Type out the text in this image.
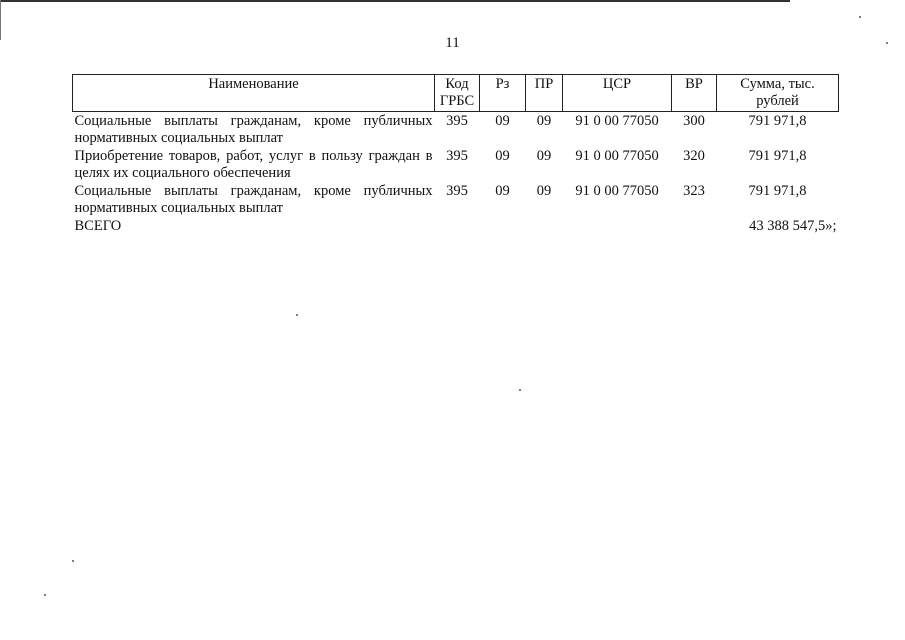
11
Наименование	Код ГРБС	Рз	ПР	ЦСР	ВР	Сумма, тыс. рублей
Социальные выплаты гражданам, кроме публичных нормативных социальных выплат	395	09	09	91 0 00 77050	300	791 971,8
Приобретение товаров, работ, услуг в пользу граждан в целях их социального обеспечения	395	09	09	91 0 00 77050	320	791 971,8
Социальные выплаты гражданам, кроме публичных нормативных социальных выплат	395	09	09	91 0 00 77050	323	791 971,8
ВСЕГО						43 388 547,5»;
